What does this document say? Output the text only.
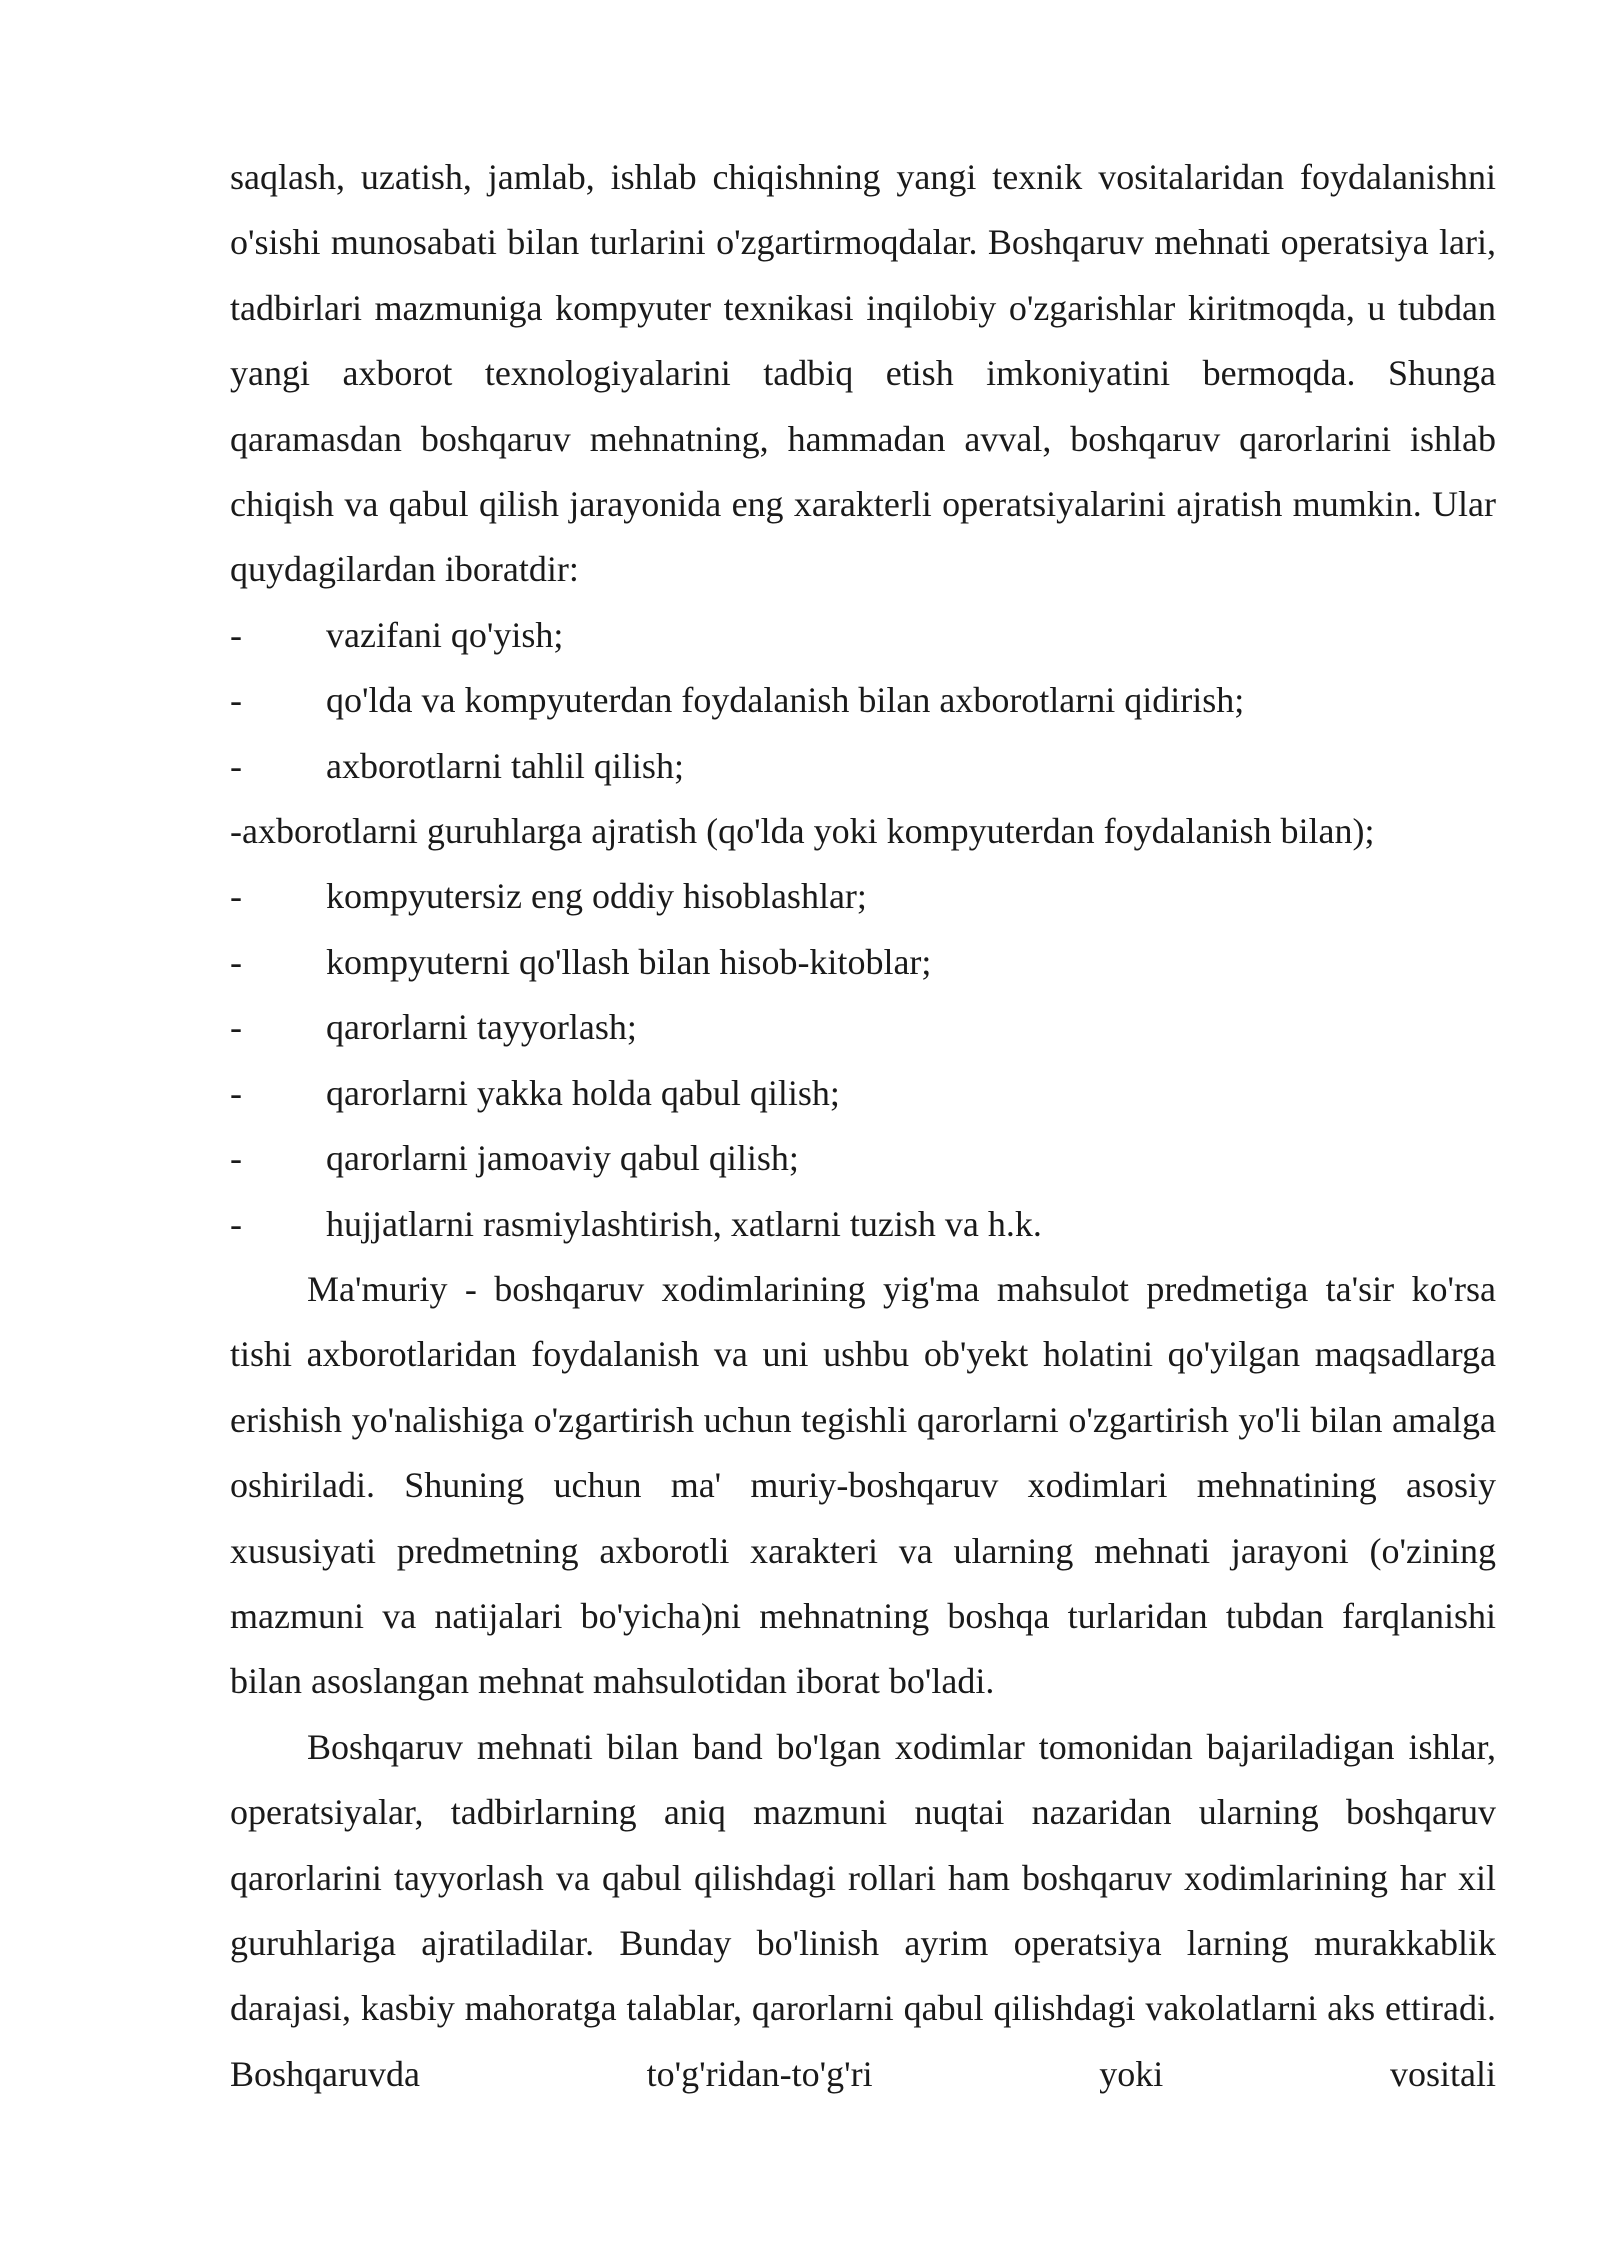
saqlash, uzatish, jamlab, ishlab chiqishning yangi texnik vositalaridan foydalanishni o'sishi munosabati bilan turlarini o'zgartirmoqdalar. Boshqaruv mehnati operatsiya lari, tadbirlari mazmuniga kompyuter texnikasi inqilobiy o'zgarishlar kiritmoqda, u tubdan yangi axborot texnologiyalarini tadbiq etish imkoniyatini bermoqda. Shunga qaramasdan boshqaruv mehnatning, hammadan avval, boshqaruv qarorlarini ishlab chiqish va qabul qilish jarayonida eng xarakterli operatsiyalarini ajratish mumkin. Ular quydagilardan iboratdir:

-	vazifani qo'yish;
-	qo'lda va kompyuterdan foydalanish bilan axborotlarni qidirish;
-	axborotlarni tahlil qilish;

-axborotlarni guruhlarga ajratish (qo'lda yoki kompyuterdan foydalanish bilan);

-	kompyutersiz eng oddiy hisoblashlar;
-	kompyuterni qo'llash bilan hisob-kitoblar;
-	qarorlarni tayyorlash;
-	qarorlarni yakka holda qabul qilish;
-	qarorlarni jamoaviy qabul qilish;
-	hujjatlarni rasmiylashtirish, xatlarni tuzish va h.k.

Ma'muriy - boshqaruv xodimlarining yig'ma mahsulot predmetiga ta'sir ko'rsa tishi axborotlaridan foydalanish va uni ushbu ob'yekt holatini qo'yilgan maqsadlarga erishish yo'nalishiga o'zgartirish uchun tegishli qarorlarni o'zgartirish yo'li bilan amalga oshiriladi. Shuning uchun ma' muriy-boshqaruv xodimlari mehnatining asosiy xususiyati predmetning axborotli xarakteri va ularning mehnati jarayoni (o'zining mazmuni va natijalari bo'yicha)ni mehnatning boshqa turlaridan tubdan farqlanishi bilan asoslangan mehnat mahsulotidan iborat bo'ladi.

Boshqaruv mehnati bilan band bo'lgan xodimlar tomonidan bajariladigan ishlar, operatsiyalar, tadbirlarning aniq mazmuni nuqtai nazaridan ularning boshqaruv qarorlarini tayyorlash va qabul qilishdagi rollari ham boshqaruv xodimlarining har xil guruhlariga ajratiladilar. Bunday bo'linish ayrim operatsiya larning murakkablik darajasi, kasbiy mahoratga talablar, qarorlarni qabul qilishdagi vakolatlarni aks ettiradi. Boshqaruvda to'g'ridan-to'g'ri yoki vositali
